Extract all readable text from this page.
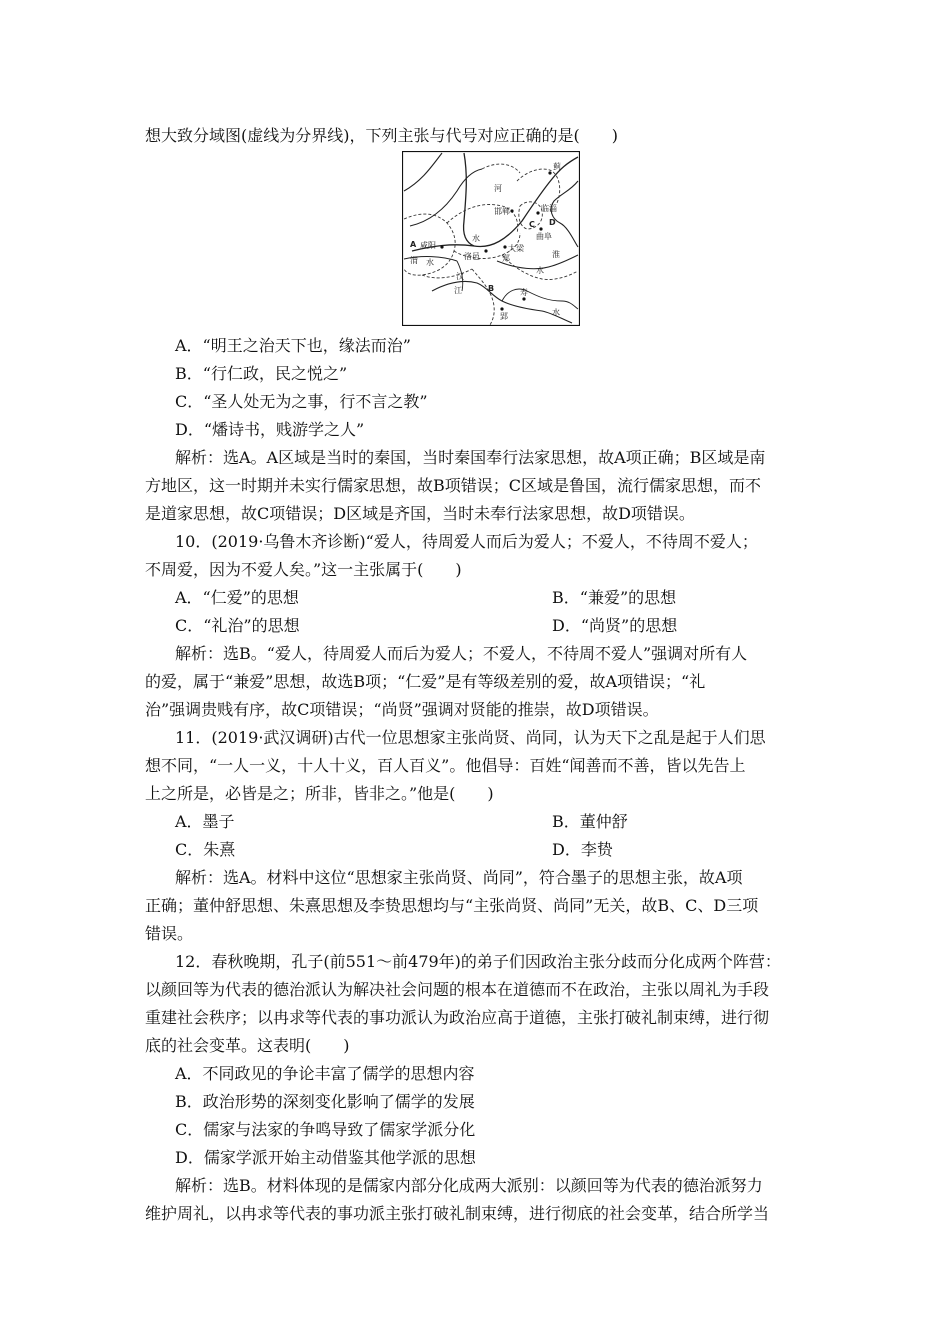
想大致分域图(虚线为分界线)，下列主张与代号对应正确的是(　　)
蓟
河
邯郸	临淄
C D
曲阜
A 咸阳
水
洛邑
大梁
郑
渭 水
淮
水
汉
江	B
郢
寿
水
A．“明王之治天下也，缘法而治”
B．“行仁政，民之悦之”
C．“圣人处无为之事，行不言之教”
D．“燔诗书，贱游学之人”
解析：选A。A区域是当时的秦国，当时秦国奉行法家思想，故A项正确；B区域是南
方地区，这一时期并未实行儒家思想，故B项错误；C区域是鲁国，流行儒家思想，而不
是道家思想，故C项错误；D区域是齐国，当时未奉行法家思想，故D项错误。
10．(2019·乌鲁木齐诊断)“爱人，待周爱人而后为爱人；不爱人，不待周不爱人；
不周爱，因为不爱人矣。”这一主张属于(　　)
A．“仁爱”的思想	B．“兼爱”的思想
C．“礼治”的思想	D．“尚贤”的思想
解析：选B。“爱人，待周爱人而后为爱人；不爱人，不待周不爱人”强调对所有人
的爱，属于“兼爱”思想，故选B项；“仁爱”是有等级差别的爱，故A项错误；“礼
治”强调贵贱有序，故C项错误；“尚贤”强调对贤能的推崇，故D项错误。
11．(2019·武汉调研)古代一位思想家主张尚贤、尚同，认为天下之乱是起于人们思
想不同，“一人一义，十人十义，百人百义”。他倡导：百姓“闻善而不善，皆以先告上
上之所是，必皆是之；所非，皆非之。”他是(　　)
A．墨子	B．董仲舒
C．朱熹	D．李贽
解析：选A。材料中这位“思想家主张尚贤、尚同”，符合墨子的思想主张，故A项
正确；董仲舒思想、朱熹思想及李贽思想均与“主张尚贤、尚同”无关，故B、C、D三项
错误。
12．春秋晚期，孔子(前551～前479年)的弟子们因政治主张分歧而分化成两个阵营：
以颜回等为代表的德治派认为解决社会问题的根本在道德而不在政治，主张以周礼为手段
重建社会秩序；以冉求等代表的事功派认为政治应高于道德，主张打破礼制束缚，进行彻
底的社会变革。这表明(　　)
A．不同政见的争论丰富了儒学的思想内容
B．政治形势的深刻变化影响了儒学的发展
C．儒家与法家的争鸣导致了儒家学派分化
D．儒家学派开始主动借鉴其他学派的思想
解析：选B。材料体现的是儒家内部分化成两大派别：以颜回等为代表的德治派努力
维护周礼，以冉求等代表的事功派主张打破礼制束缚，进行彻底的社会变革，结合所学当
